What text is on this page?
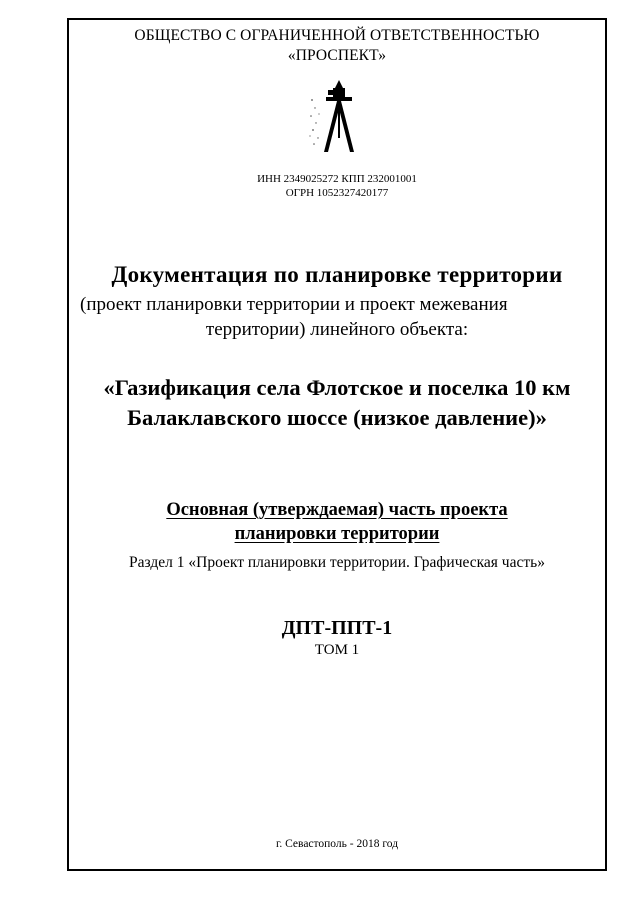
ОБЩЕСТВО С ОГРАНИЧЕННОЙ ОТВЕТСТВЕННОСТЬЮ
«ПРОСПЕКТ»
ИНН 2349025272 КПП 232001001
ОГРН 1052327420177
Документация по планировке территории
(проект планировки территории и проект межевания
территории) линейного объекта:
«Газификация села Флотское и поселка 10 км
Балаклавского шоссе (низкое давление)»
Основная (утверждаемая) часть проекта
планировки территории
Раздел 1 «Проект планировки территории. Графическая часть»
ДПТ-ППТ-1
ТОМ 1
г. Севастополь - 2018 год
